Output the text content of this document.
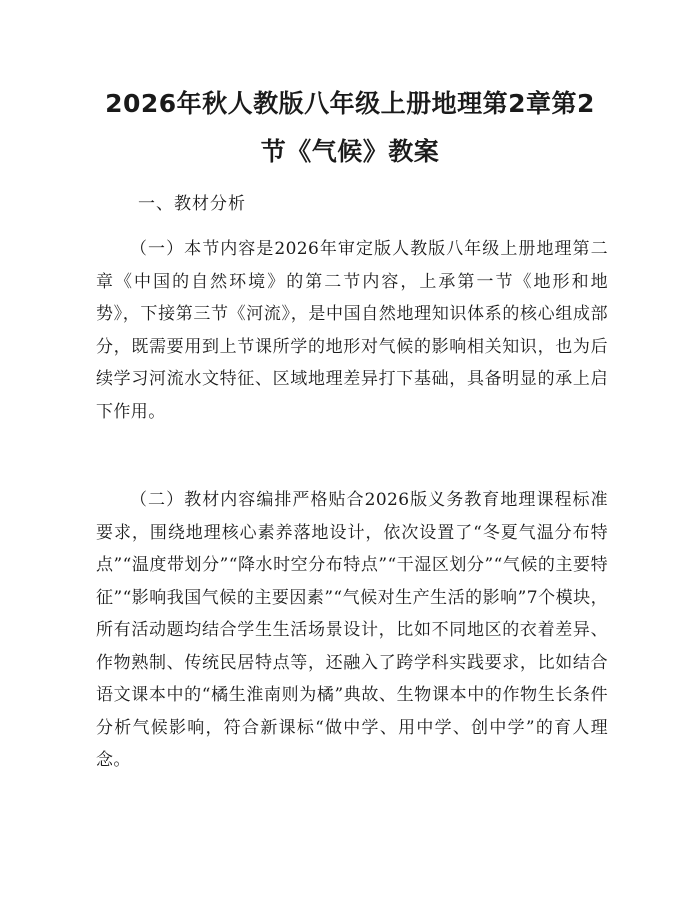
2026年秋人教版八年级上册地理第2章第2
节《气候》教案
一、教材分析

（一）本节内容是2026年审定版人教版八年级上册地理第二章《中国的自然环境》的第二节内容，上承第一节《地形和地势》，下接第三节《河流》，是中国自然地理知识体系的核心组成部分，既需要用到上节课所学的地形对气候的影响相关知识，也为后续学习河流水文特征、区域地理差异打下基础，具备明显的承上启下作用。

（二）教材内容编排严格贴合2026版义务教育地理课程标准要求，围绕地理核心素养落地设计，依次设置了“冬夏气温分布特点”“温度带划分”“降水时空分布特点”“干湿区划分”“气候的主要特征”“影响我国气候的主要因素”“气候对生产生活的影响”7个模块，所有活动题均结合学生生活场景设计，比如不同地区的衣着差异、作物熟制、传统民居特点等，还融入了跨学科实践要求，比如结合语文课本中的“橘生淮南则为橘”典故、生物课本中的作物生长条件分析气候影响，符合新课标“做中学、用中学、创中学”的育人理念。
